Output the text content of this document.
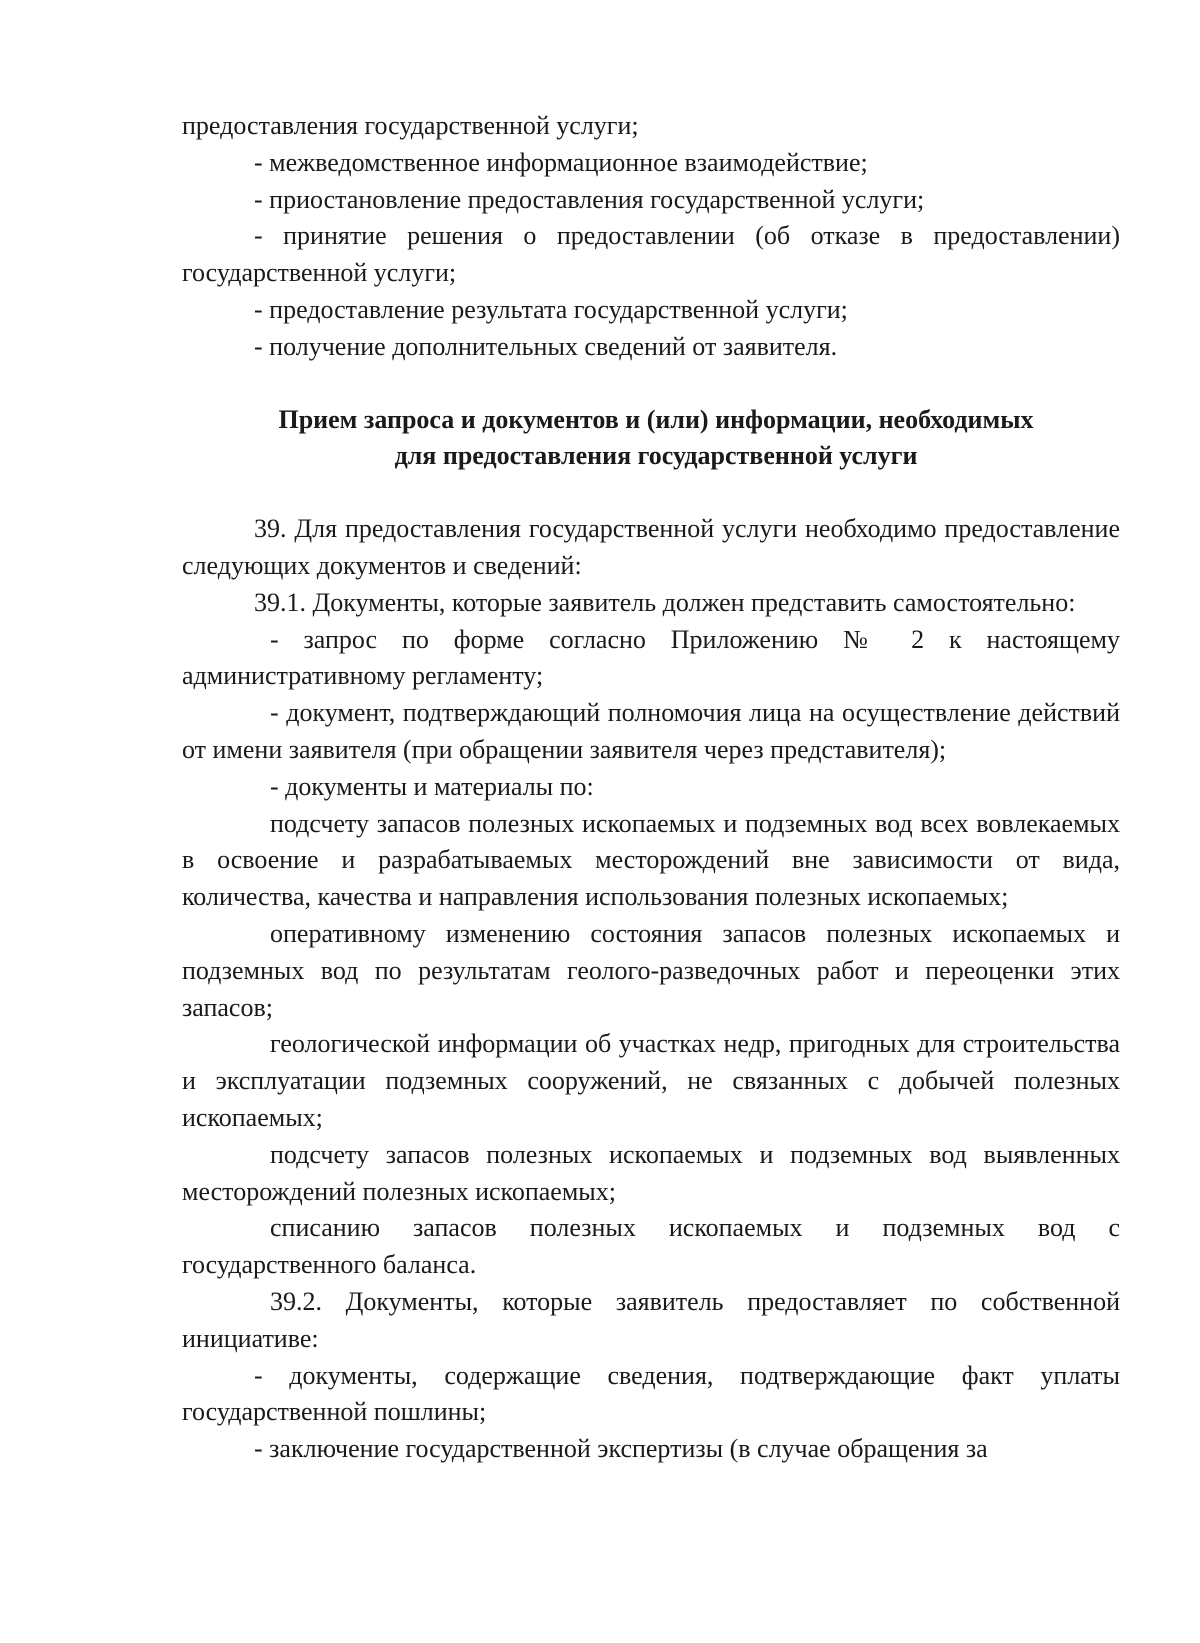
предоставления государственной услуги;

- межведомственное информационное взаимодействие;

- приостановление предоставления государственной услуги;

- принятие решения о предоставлении (об отказе в предоставлении) государственной услуги;

- предоставление результата государственной услуги;

- получение дополнительных сведений от заявителя.

Прием запроса и документов и (или) информации, необходимых

для предоставления государственной услуги

39. Для предоставления государственной услуги необходимо предоставление следующих документов и сведений:

39.1. Документы, которые заявитель должен представить самостоятельно:

- запрос по форме согласно Приложению № 2 к настоящему административному регламенту;

- документ, подтверждающий полномочия лица на осуществление действий от имени заявителя (при обращении заявителя через представителя);

- документы и материалы по:

подсчету запасов полезных ископаемых и подземных вод всех вовлекаемых в освоение и разрабатываемых месторождений вне зависимости от вида, количества, качества и направления использования полезных ископаемых;

оперативному изменению состояния запасов полезных ископаемых и подземных вод по результатам геолого-разведочных работ и переоценки этих запасов;

геологической информации об участках недр, пригодных для строительства и эксплуатации подземных сооружений, не связанных с добычей полезных ископаемых;

подсчету запасов полезных ископаемых и подземных вод выявленных месторождений полезных ископаемых;

списанию запасов полезных ископаемых и подземных вод с государственного баланса.

39.2. Документы, которые заявитель предоставляет по собственной инициативе:

- документы, содержащие сведения, подтверждающие факт уплаты государственной пошлины;

- заключение государственной экспертизы (в случае обращения за
